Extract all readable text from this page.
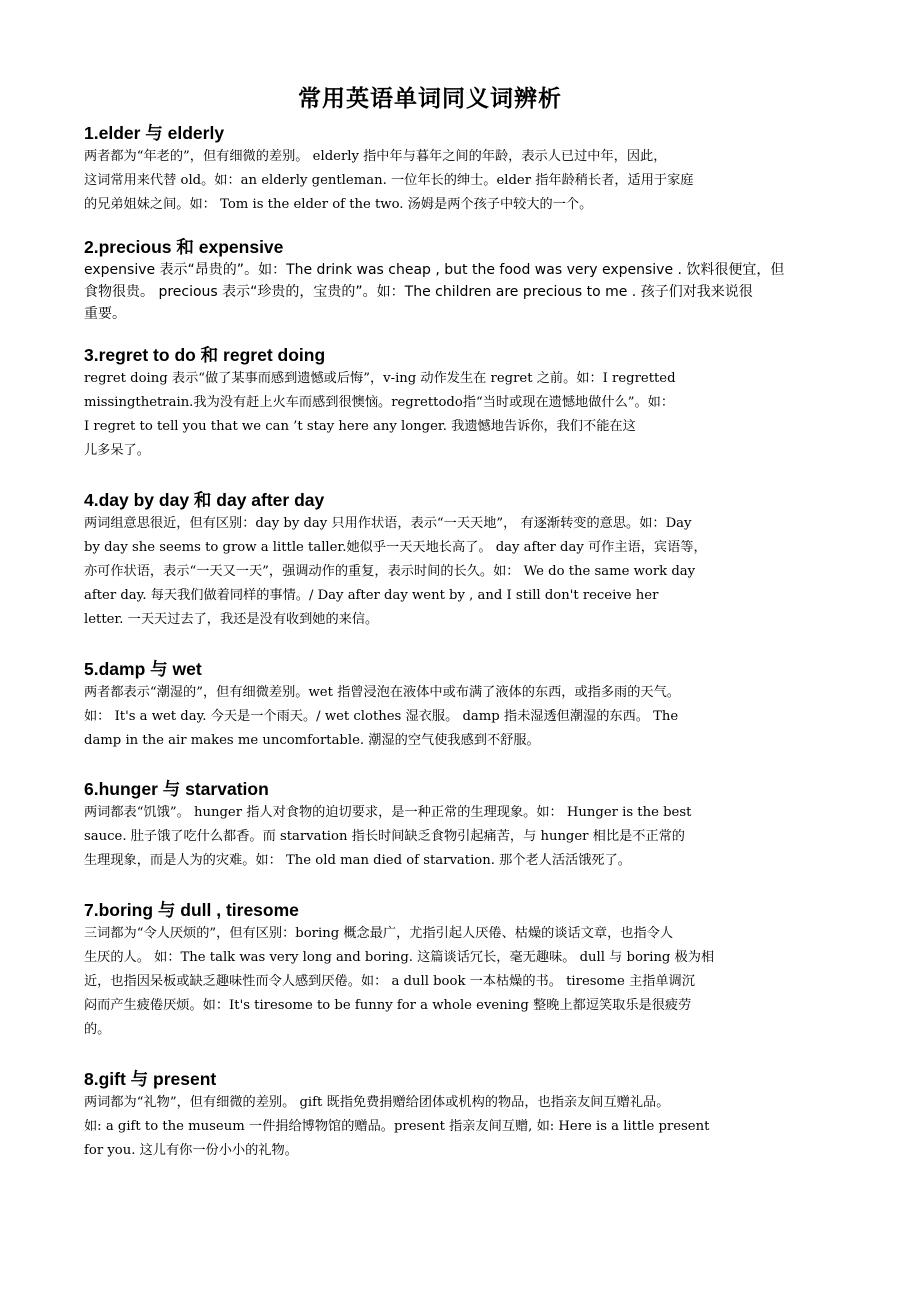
常用英语单词同义词辨析
1.elder 与 elderly
两者都为“年老的”，但有细微的差别。 elderly 指中年与暮年之间的年龄，表示人已过中年，因此，
这词常用来代替 old。如：an elderly gentleman. 一位年长的绅士。elder 指年龄稍长者，适用于家庭
的兄弟姐妹之间。如： Tom is the elder of the two. 汤姆是两个孩子中较大的一个。
2.precious 和 expensive
expensive 表示“昂贵的”。如：The drink was cheap , but the food was very expensive . 饮料很便宜，但
食物很贵。 precious 表示“珍贵的，宝贵的”。如：The children are precious to me . 孩子们对我来说很
重要。
3.regret to do 和 regret doing
regret doing 表示“做了某事而感到遗憾或后悔”，v-ing 动作发生在 regret 之前。如：I regretted
missingthetrain.我为没有赶上火车而感到很懊恼。regrettodo指“当时或现在遗憾地做什么”。如：
I regret to tell you that we can ’t stay here any longer. 我遗憾地告诉你，我们不能在这
儿多呆了。
4.day by day 和 day after day
两词组意思很近，但有区别：day by day 只用作状语，表示“一天天地”， 有逐渐转变的意思。如：Day
by day she seems to grow a little taller.她似乎一天天地长高了。 day after day 可作主语，宾语等，
亦可作状语，表示“一天又一天”，强调动作的重复，表示时间的长久。如： We do the same work day
after day. 每天我们做着同样的事情。/ Day after day went by , and I still don't receive her
letter. 一天天过去了，我还是没有收到她的来信。
5.damp 与 wet
两者都表示“潮湿的”，但有细微差别。wet 指曾浸泡在液体中或布满了液体的东西，或指多雨的天气。
如： It's a wet day. 今天是一个雨天。/ wet clothes 湿衣服。 damp 指未湿透但潮湿的东西。 The
damp in the air makes me uncomfortable. 潮湿的空气使我感到不舒服。
6.hunger 与 starvation
两词都表“饥饿”。 hunger 指人对食物的迫切要求，是一种正常的生理现象。如： Hunger is the best
sauce. 肚子饿了吃什么都香。而 starvation 指长时间缺乏食物引起痛苦，与 hunger 相比是不正常的
生理现象，而是人为的灾难。如： The old man died of starvation. 那个老人活活饿死了。
7.boring 与 dull , tiresome
三词都为“令人厌烦的”，但有区别：boring 概念最广，尤指引起人厌倦、枯燥的谈话文章，也指令人
生厌的人。 如：The talk was very long and boring. 这篇谈话冗长，毫无趣味。 dull 与 boring 极为相
近，也指因呆板或缺乏趣味性而令人感到厌倦。如： a dull book 一本枯燥的书。 tiresome 主指单调沉
闷而产生疲倦厌烦。如：It's tiresome to be funny for a whole evening 整晚上都逗笑取乐是很疲劳
的。
8.gift 与 present
两词都为“礼物”，但有细微的差别。 gift 既指免费捐赠给团体或机构的物品，也指亲友间互赠礼品。
如: a gift to the museum 一件捐给博物馆的赠品。present 指亲友间互赠, 如: Here is a little present
for you. 这儿有你一份小小的礼物。
